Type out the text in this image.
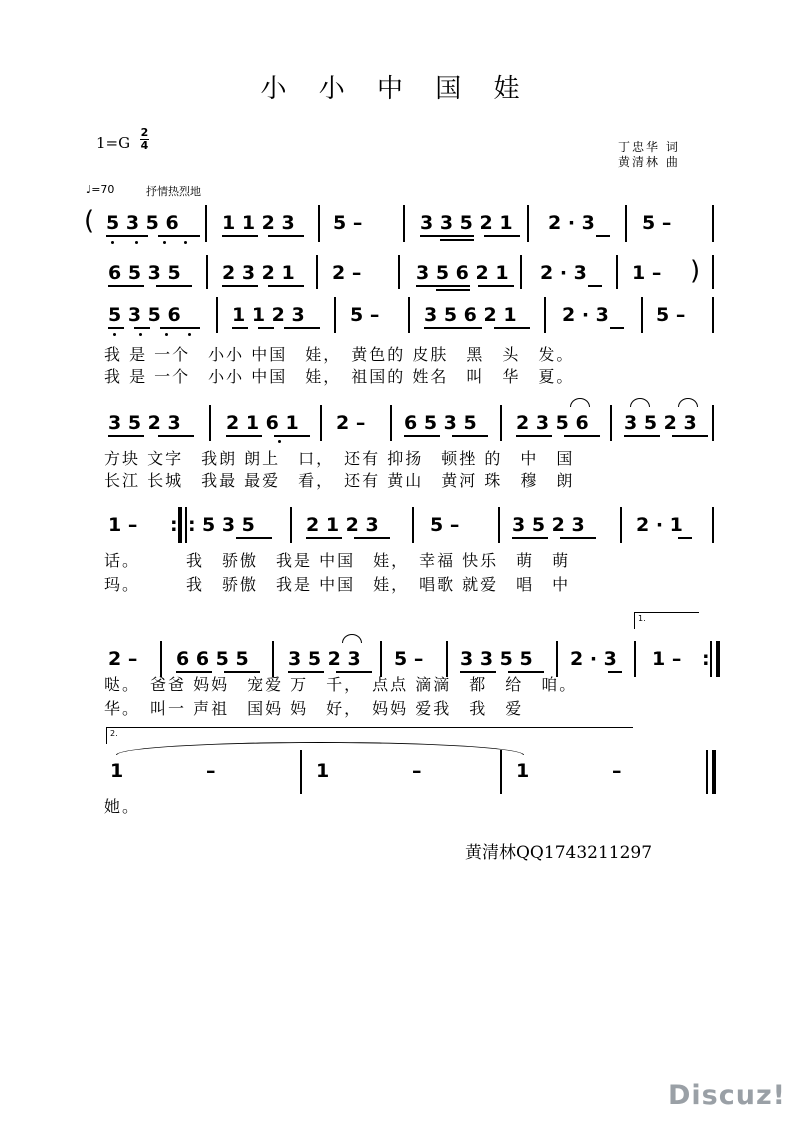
小 小 中 国 娃
1=G
2
4	丁忠华 词
黄清林 曲
♩=70	抒情热烈地
( 5 3 5 6 1 1 2 3 5 –	3 3 5 2 1 2 · 3 5 –
6 5 3 5 2 3 2 1 2 –	3 5 6 2 1 2 · 3 1 – )
5 3 5 6	1 1 2 3 5 – 3 5 6 2 1 2 · 3 5 –
我 是 一个　小小 中国　娃，　黄色的 皮肤　黑　头　发。
我 是 一个　小小 中国　娃，　祖国的 姓名　叫　华　夏。
3 5 2 3 2 1 6 1 2 – 6 5 3 5 2 3 5 6 3 5 2 3
方块 文字　我朗 朗上　口，　还有 抑扬　顿挫 的　中　国
长江 长城　我最 最爱　看，　还有 黄山　黄河 珠　穆　朗
1 – : : 5 3 5	2 1 2 3	5 –	3 5 2 3	2 · 1
话。　　　我　骄傲　我是 中国　娃，　幸福 快乐　萌　萌
玛。　　　我　骄傲　我是 中国　娃，　唱歌 就爱　唱　中
1.
2 – 6 6 5 5 3 5 2 3 5 – 3 3 5 5 2 · 3 1 – :
哒。　爸爸 妈妈　宠爱 万　千，　点点 滴滴　都　给　咱。
华。　叫一 声祖　国妈 妈　好，　妈妈 爱我　我　爱
2.
1	–	1	–	1	–
她。
黄清林QQ1743211297
Discuz!
